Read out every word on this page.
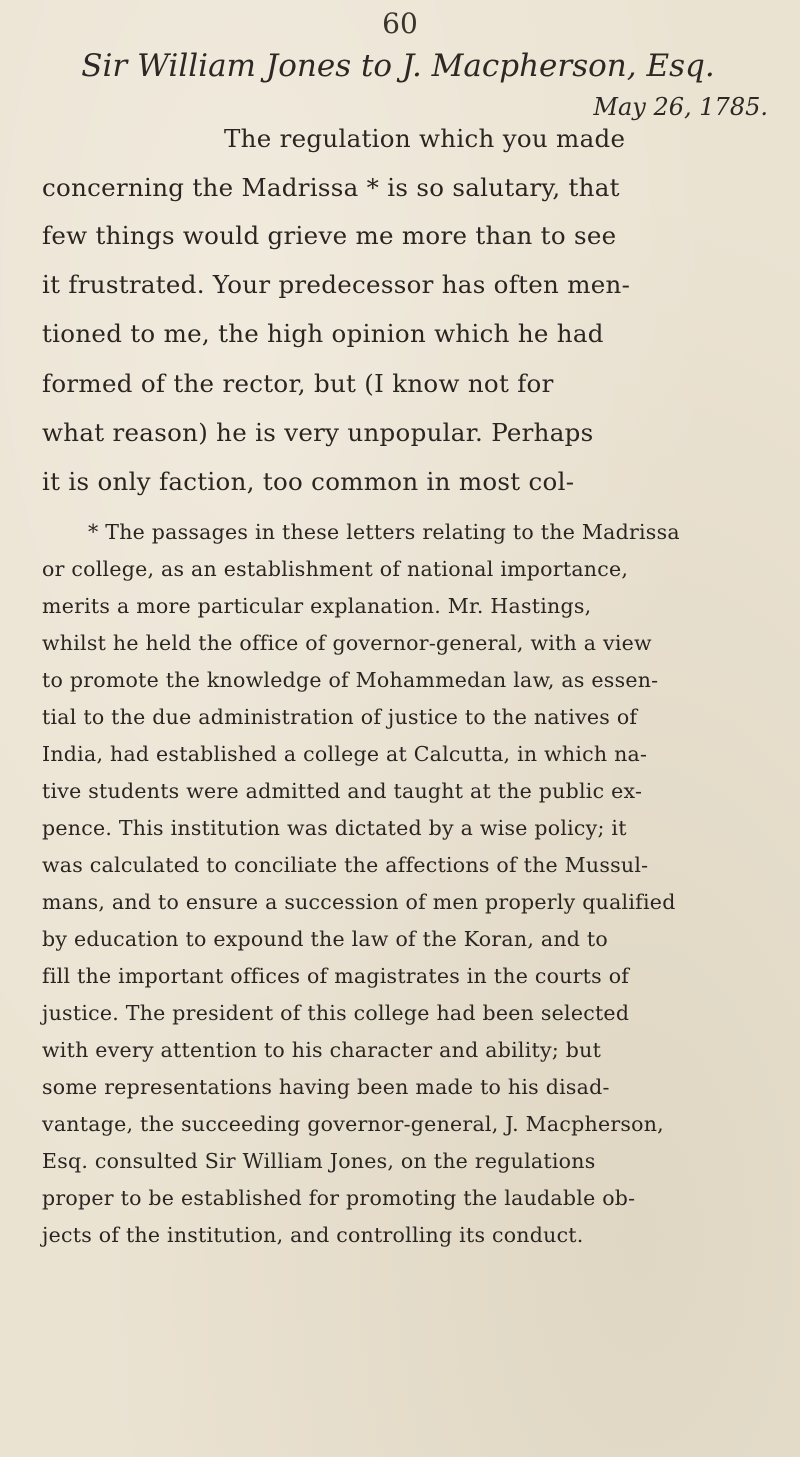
60
Sir William Jones to J. Macpherson, Esq.
May 26, 1785.
The regulation which you made
concerning the Madrissa * is so salutary, that
few things would grieve me more than to see
it frustrated. Your predecessor has often men-
tioned to me, the high opinion which he had
formed of the rector, but (I know not for
what reason) he is very unpopular. Perhaps
it is only faction, too common in most col-
* The passages in these letters relating to the Madrissa
or college, as an establishment of national importance,
merits a more particular explanation. Mr. Hastings,
whilst he held the office of governor-general, with a view
to promote the knowledge of Mohammedan law, as essen-
tial to the due administration of justice to the natives of
India, had established a college at Calcutta, in which na-
tive students were admitted and taught at the public ex-
pence. This institution was dictated by a wise policy; it
was calculated to conciliate the affections of the Mussul-
mans, and to ensure a succession of men properly qualified
by education to expound the law of the Koran, and to
fill the important offices of magistrates in the courts of
justice. The president of this college had been selected
with every attention to his character and ability; but
some representations having been made to his disad-
vantage, the succeeding governor-general, J. Macpherson,
Esq. consulted Sir William Jones, on the regulations
proper to be established for promoting the laudable ob-
jects of the institution, and controlling its conduct.
